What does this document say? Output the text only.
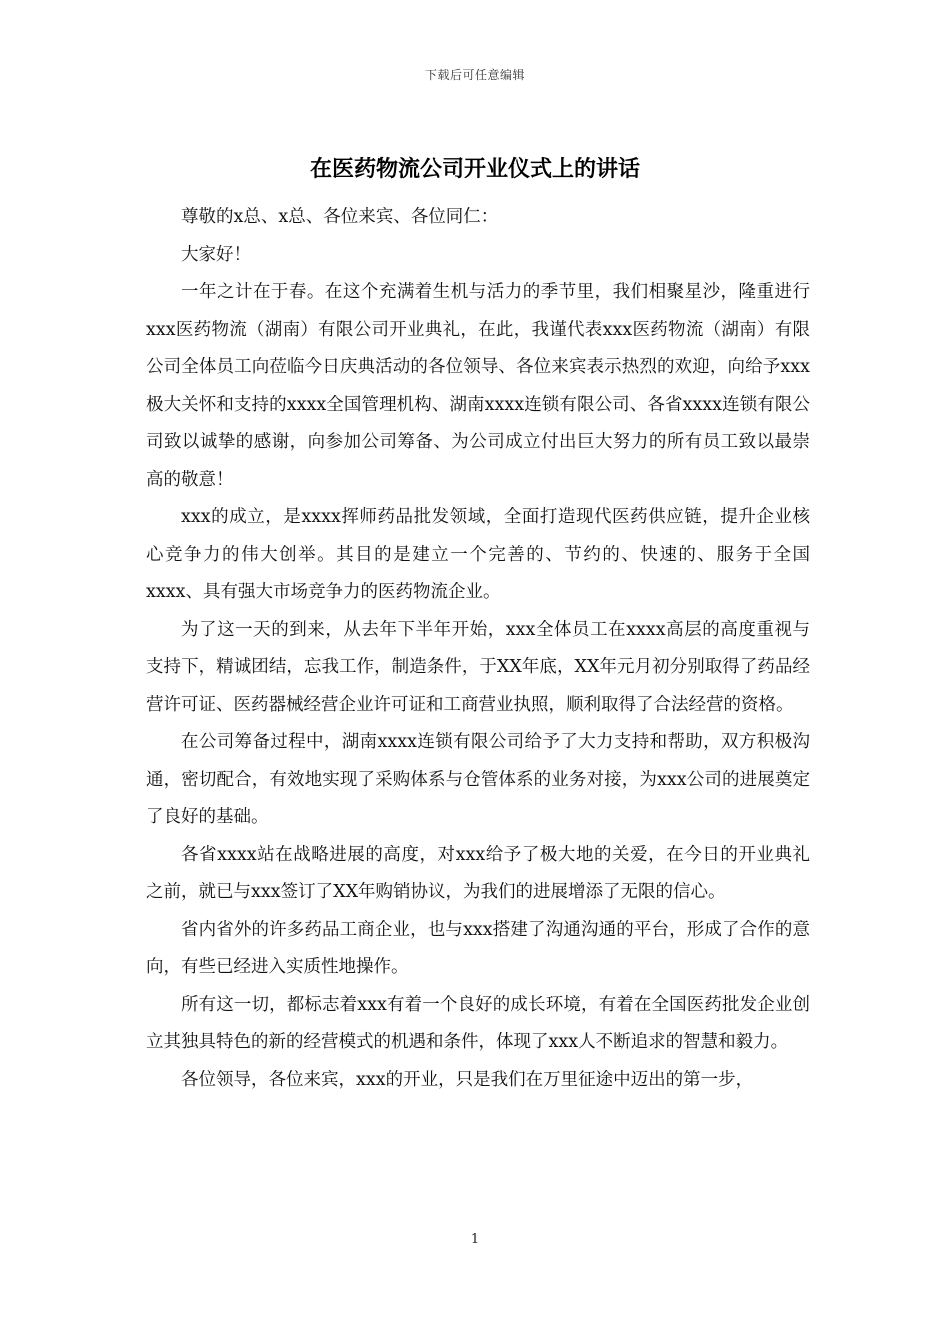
下载后可任意编辑
在医药物流公司开业仪式上的讲话

尊敬的x总、x总、各位来宾、各位同仁：

大家好！

一年之计在于春。在这个充满着生机与活力的季节里，我们相聚星沙，隆重进行xxx医药物流（湖南）有限公司开业典礼，在此，我谨代表xxx医药物流（湖南）有限公司全体员工向莅临今日庆典活动的各位领导、各位来宾表示热烈的欢迎，向给予xxx极大关怀和支持的xxxx全国管理机构、湖南xxxx连锁有限公司、各省xxxx连锁有限公司致以诚挚的感谢，向参加公司筹备、为公司成立付出巨大努力的所有员工致以最崇高的敬意！

xxx的成立，是xxxx挥师药品批发领域，全面打造现代医药供应链，提升企业核心竞争力的伟大创举。其目的是建立一个完善的、节约的、快速的、服务于全国xxxx、具有强大市场竞争力的医药物流企业。

为了这一天的到来，从去年下半年开始，xxx全体员工在xxxx高层的高度重视与支持下，精诚团结，忘我工作，制造条件，于XX年底，XX年元月初分别取得了药品经营许可证、医药器械经营企业许可证和工商营业执照，顺利取得了合法经营的资格。

在公司筹备过程中，湖南xxxx连锁有限公司给予了大力支持和帮助，双方积极沟通，密切配合，有效地实现了采购体系与仓管体系的业务对接，为xxx公司的进展奠定了良好的基础。

各省xxxx站在战略进展的高度，对xxx给予了极大地的关爱，在今日的开业典礼之前，就已与xxx签订了XX年购销协议，为我们的进展增添了无限的信心。

省内省外的许多药品工商企业，也与xxx搭建了沟通沟通的平台，形成了合作的意向，有些已经进入实质性地操作。

所有这一切，都标志着xxx有着一个良好的成长环境，有着在全国医药批发企业创立其独具特色的新的经营模式的机遇和条件，体现了xxx人不断追求的智慧和毅力。

各位领导，各位来宾，xxx的开业，只是我们在万里征途中迈出的第一步，

1
